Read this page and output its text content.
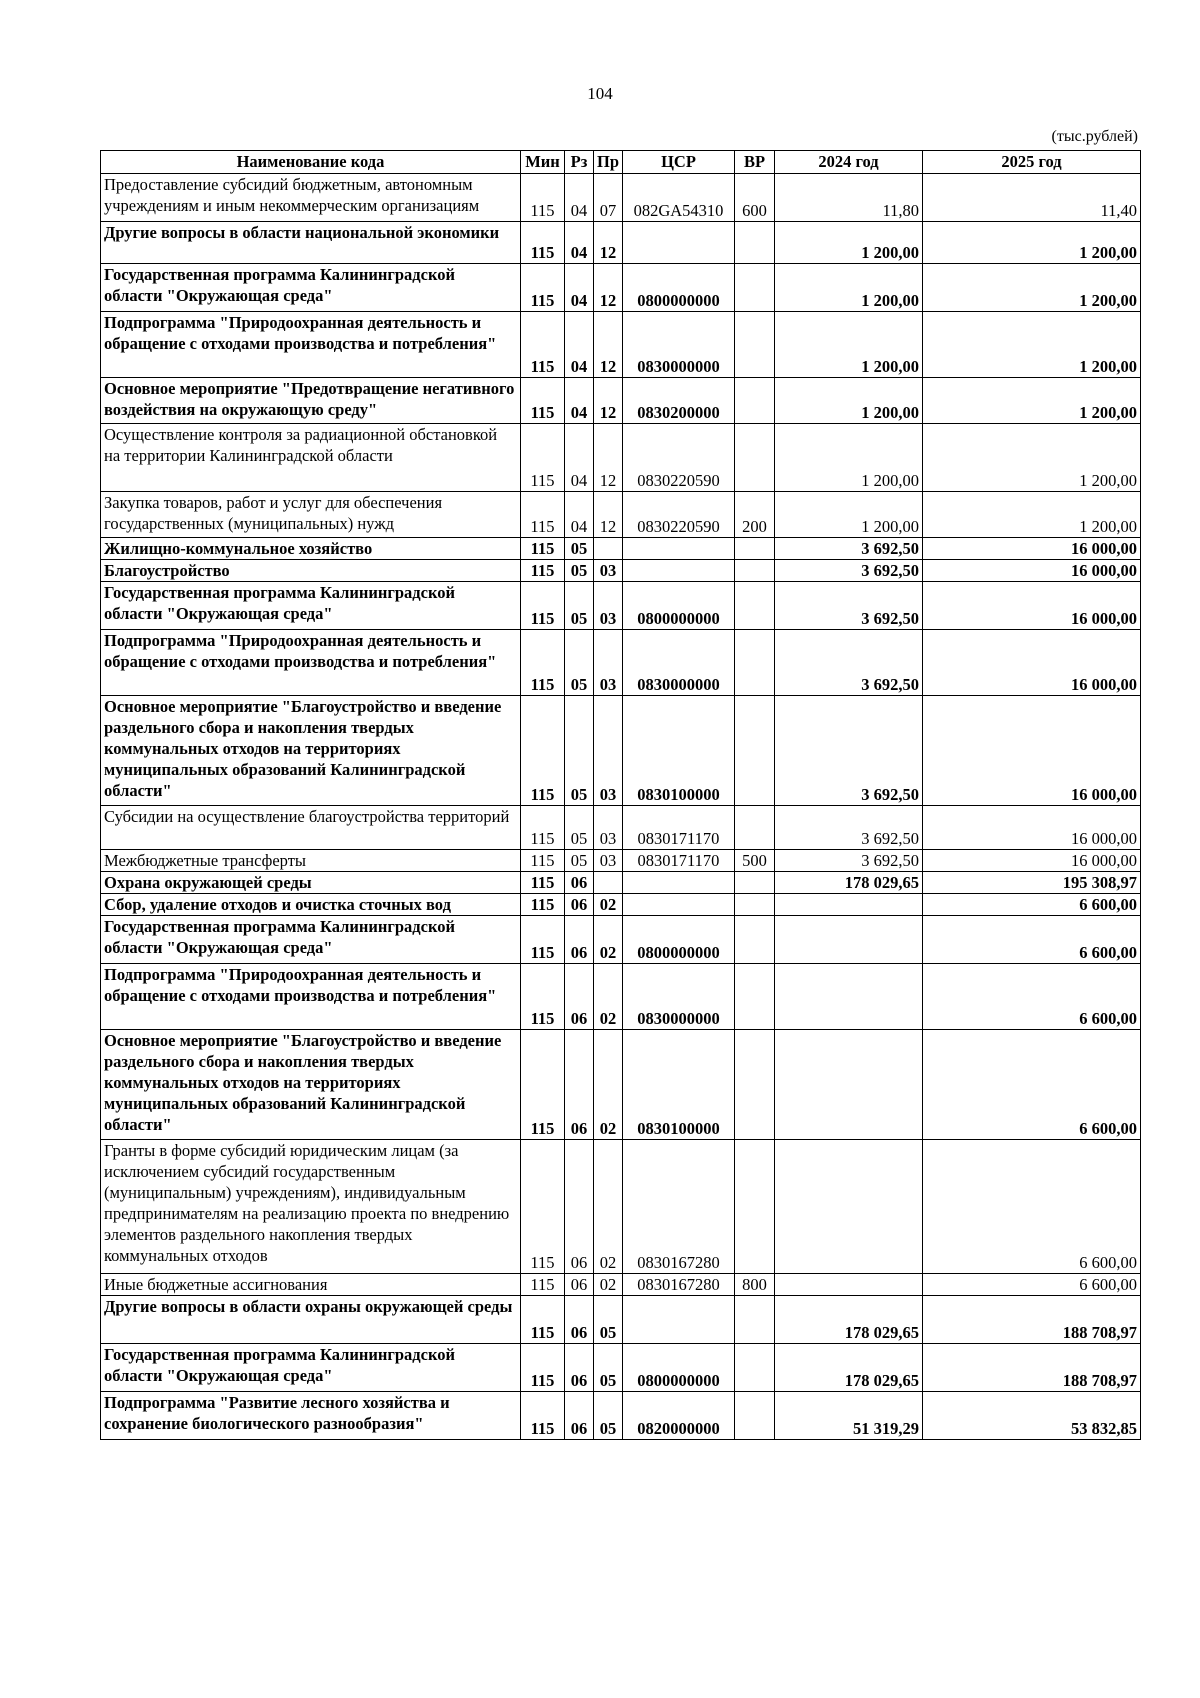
104
(тыс.рублей)
Наименование кода	Мин	Рз	Пр	ЦСР	ВР	2024 год	2025 год
Предоставление субсидий бюджетным, автономным учреждениям и иным некоммерческим организациям	115	04	07	082GA54310	600	11,80	11,40
Другие вопросы в области национальной экономики	115	04	12			1 200,00	1 200,00
Государственная программа Калининградской области "Окружающая среда"	115	04	12	0800000000		1 200,00	1 200,00
Подпрограмма "Природоохранная деятельность и обращение с отходами производства и потребления"	115	04	12	0830000000		1 200,00	1 200,00
Основное мероприятие "Предотвращение негативного воздействия на окружающую среду"	115	04	12	0830200000		1 200,00	1 200,00
Осуществление контроля за радиационной обстановкой на территории Калининградской области	115	04	12	0830220590		1 200,00	1 200,00
Закупка товаров, работ и услуг для обеспечения государственных (муниципальных) нужд	115	04	12	0830220590	200	1 200,00	1 200,00
Жилищно-коммунальное хозяйство	115	05				3 692,50	16 000,00
Благоустройство	115	05	03			3 692,50	16 000,00
Государственная программа Калининградской области "Окружающая среда"	115	05	03	0800000000		3 692,50	16 000,00
Подпрограмма "Природоохранная деятельность и обращение с отходами производства и потребления"	115	05	03	0830000000		3 692,50	16 000,00
Основное мероприятие "Благоустройство и введение раздельного сбора и накопления твердых коммунальных отходов на территориях муниципальных образований Калининградской области"	115	05	03	0830100000		3 692,50	16 000,00
Субсидии на осуществление благоустройства территорий	115	05	03	0830171170		3 692,50	16 000,00
Межбюджетные трансферты	115	05	03	0830171170	500	3 692,50	16 000,00
Охрана окружающей среды	115	06				178 029,65	195 308,97
Сбор, удаление отходов и очистка сточных вод	115	06	02				6 600,00
Государственная программа Калининградской области "Окружающая среда"	115	06	02	0800000000			6 600,00
Подпрограмма "Природоохранная деятельность и обращение с отходами производства и потребления"	115	06	02	0830000000			6 600,00
Основное мероприятие "Благоустройство и введение раздельного сбора и накопления твердых коммунальных отходов на территориях муниципальных образований Калининградской области"	115	06	02	0830100000			6 600,00
Гранты в форме субсидий юридическим лицам (за исключением субсидий государственным (муниципальным) учреждениям), индивидуальным предпринимателям на реализацию проекта по внедрению элементов раздельного накопления твердых коммунальных отходов	115	06	02	0830167280			6 600,00
Иные бюджетные ассигнования	115	06	02	0830167280	800		6 600,00
Другие вопросы в области охраны окружающей среды	115	06	05			178 029,65	188 708,97
Государственная программа Калининградской области "Окружающая среда"	115	06	05	0800000000		178 029,65	188 708,97
Подпрограмма "Развитие лесного хозяйства и сохранение биологического разнообразия"	115	06	05	0820000000		51 319,29	53 832,85
